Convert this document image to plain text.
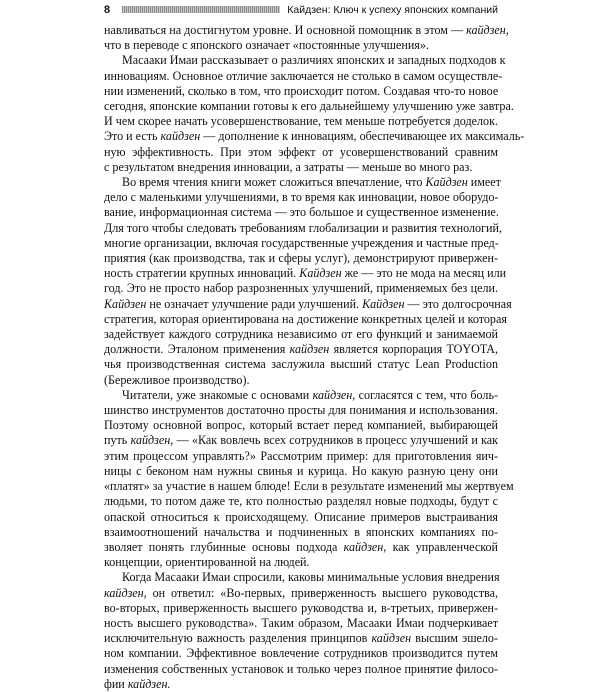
8	Кайдзен: Ключ к успеху японских компаний
навливаться на достигнутом уровне. И основной помощник в этом — кайдзен,
что в переводе с японского означает «постоянные улучшения».
Масааки Имаи рассказывает о различиях японских и западных подходов к
инновациям. Основное отличие заключается не столько в самом осуществле-
нии изменений, сколько в том, что происходит потом. Создавая что-то новое
сегодня, японские компании готовы к его дальнейшему улучшению уже завтра.
И чем скорее начать усовершенствование, тем меньше потребуется доделок.
Это и есть кайдзен — дополнение к инновациям, обеспечивающее их максималь-
ную эффективность. При этом эффект от усовершенствований сравним
с результатом внедрения инновации, а затраты — меньше во много раз.
Во время чтения книги может сложиться впечатление, что Кайдзен имеет
дело с маленькими улучшениями, в то время как инновации, новое оборудо-
вание, информационная система — это большое и существенное изменение.
Для того чтобы следовать требованиям глобализации и развития технологий,
многие организации, включая государственные учреждения и частные пред-
приятия (как производства, так и сферы услуг), демонстрируют привержен-
ность стратегии крупных инноваций. Кайдзен же — это не мода на месяц или
год. Это не просто набор разрозненных улучшений, применяемых без цели.
Кайдзен не означает улучшение ради улучшений. Кайдзен — это долгосрочная
стратегия, которая ориентирована на достижение конкретных целей и которая
задействует каждого сотрудника независимо от его функций и занимаемой
должности. Эталоном применения кайдзен является корпорация TOYOTA,
чья производственная система заслужила высший статус Lean Production
(Бережливое производство).
Читатели, уже знакомые с основами кайдзен, согласятся с тем, что боль-
шинство инструментов достаточно просты для понимания и использования.
Поэтому основной вопрос, который встает перед компанией, выбирающей
путь кайдзен, — «Как вовлечь всех сотрудников в процесс улучшений и как
этим процессом управлять?» Рассмотрим пример: для приготовления яич-
ницы с беконом нам нужны свинья и курица. Но какую разную цену они
«платят» за участие в нашем блюде! Если в результате изменений мы жертвуем
людьми, то потом даже те, кто полностью разделял новые подходы, будут с
опаской относиться к происходящему. Описание примеров выстраивания
взаимоотношений начальства и подчиненных в японских компаниях по-
зволяет понять глубинные основы подхода кайдзен, как управленческой
концепции, ориентированной на людей.
Когда Масааки Имаи спросили, каковы минимальные условия внедрения
кайдзен, он ответил: «Во-первых, приверженность высшего руководства,
во-вторых, приверженность высшего руководства и, в-третьих, привержен-
ность высшего руководства». Таким образом, Масааки Имаи подчеркивает
исключительную важность разделения принципов кайдзен высшим эшело-
ном компании. Эффективное вовлечение сотрудников производится путем
изменения собственных установок и только через полное принятие филосо-
фии кайдзен.
